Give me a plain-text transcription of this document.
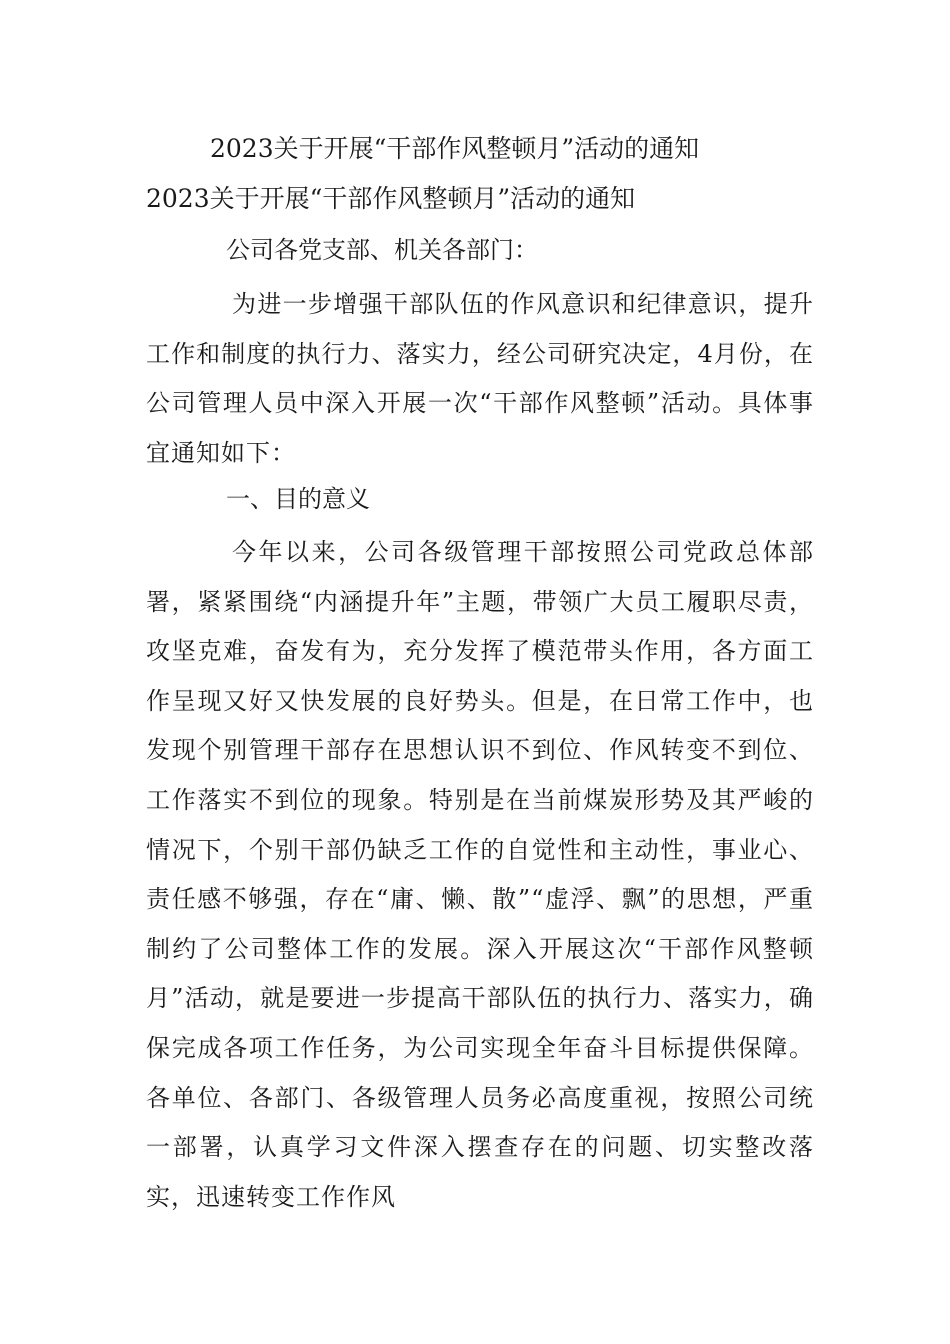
2023关于开展“干部作风整顿月”活动的通知
2023关于开展“干部作风整顿月”活动的通知
公司各党支部、机关各部门：

为进一步增强干部队伍的作风意识和纪律意识，提升工作和制度的执行力、落实力，经公司研究决定，4月份，在公司管理人员中深入开展一次“干部作风整顿”活动。具体事宜通知如下：

一、目的意义

今年以来，公司各级管理干部按照公司党政总体部署，紧紧围绕“内涵提升年”主题，带领广大员工履职尽责，攻坚克难，奋发有为，充分发挥了模范带头作用，各方面工作呈现又好又快发展的良好势头。但是，在日常工作中，也发现个别管理干部存在思想认识不到位、作风转变不到位、工作落实不到位的现象。特别是在当前煤炭形势及其严峻的情况下，个别干部仍缺乏工作的自觉性和主动性，事业心、责任感不够强，存在“庸、懒、散”“虚浮、飘”的思想，严重制约了公司整体工作的发展。深入开展这次“干部作风整顿月”活动，就是要进一步提高干部队伍的执行力、落实力，确保完成各项工作任务，为公司实现全年奋斗目标提供保障。各单位、各部门、各级管理人员务必高度重视，按照公司统一部署，认真学习文件深入摆查存在的问题、切实整改落实，迅速转变工作作风
